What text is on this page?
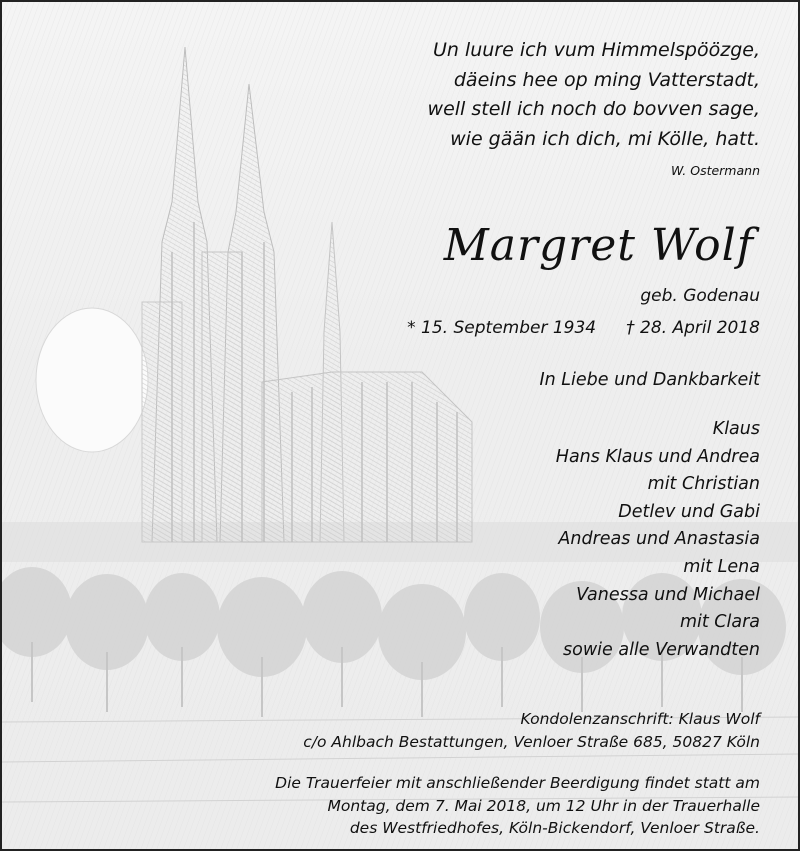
Un luure ich vum Himmelspöözge,
däeins hee op ming Vatterstadt,
well stell ich noch do bovven sage,
wie gään ich dich, mi Kölle, hatt.
W. Ostermann
Margret Wolf
geb. Godenau
* 15. September 1934 † 28. April 2018
In Liebe und Dankbarkeit
Klaus
Hans Klaus und Andrea
mit Christian
Detlev und Gabi
Andreas und Anastasia
mit Lena
Vanessa und Michael
mit Clara
sowie alle Verwandten
Kondolenzanschrift: Klaus Wolf
c/o Ahlbach Bestattungen, Venloer Straße 685, 50827 Köln
Die Trauerfeier mit anschließender Beerdigung findet statt am
Montag, dem 7. Mai 2018, um 12 Uhr in der Trauerhalle
des Westfriedhofes, Köln-Bickendorf, Venloer Straße.
